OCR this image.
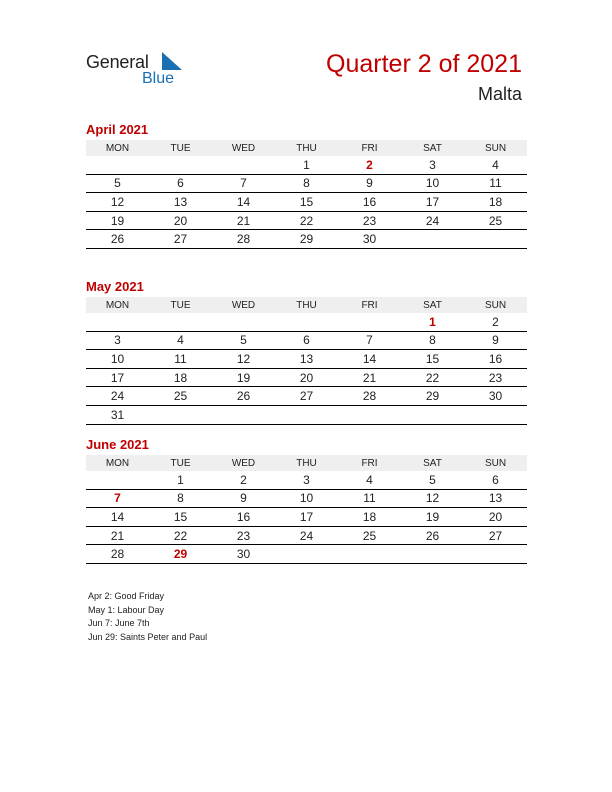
General
Blue
Quarter 2 of 2021
Malta
April 2021
MON	TUE	WED	THU	FRI	SAT	SUN
			1	2	3	4
5	6	7	8	9	10	11
12	13	14	15	16	17	18
19	20	21	22	23	24	25
26	27	28	29	30		
May 2021
MON	TUE	WED	THU	FRI	SAT	SUN
					1	2
3	4	5	6	7	8	9
10	11	12	13	14	15	16
17	18	19	20	21	22	23
24	25	26	27	28	29	30
31						
June 2021
MON	TUE	WED	THU	FRI	SAT	SUN
	1	2	3	4	5	6
7	8	9	10	11	12	13
14	15	16	17	18	19	20
21	22	23	24	25	26	27
28	29	30				
Apr 2: Good Friday
May 1: Labour Day
Jun 7: June 7th
Jun 29: Saints Peter and Paul
